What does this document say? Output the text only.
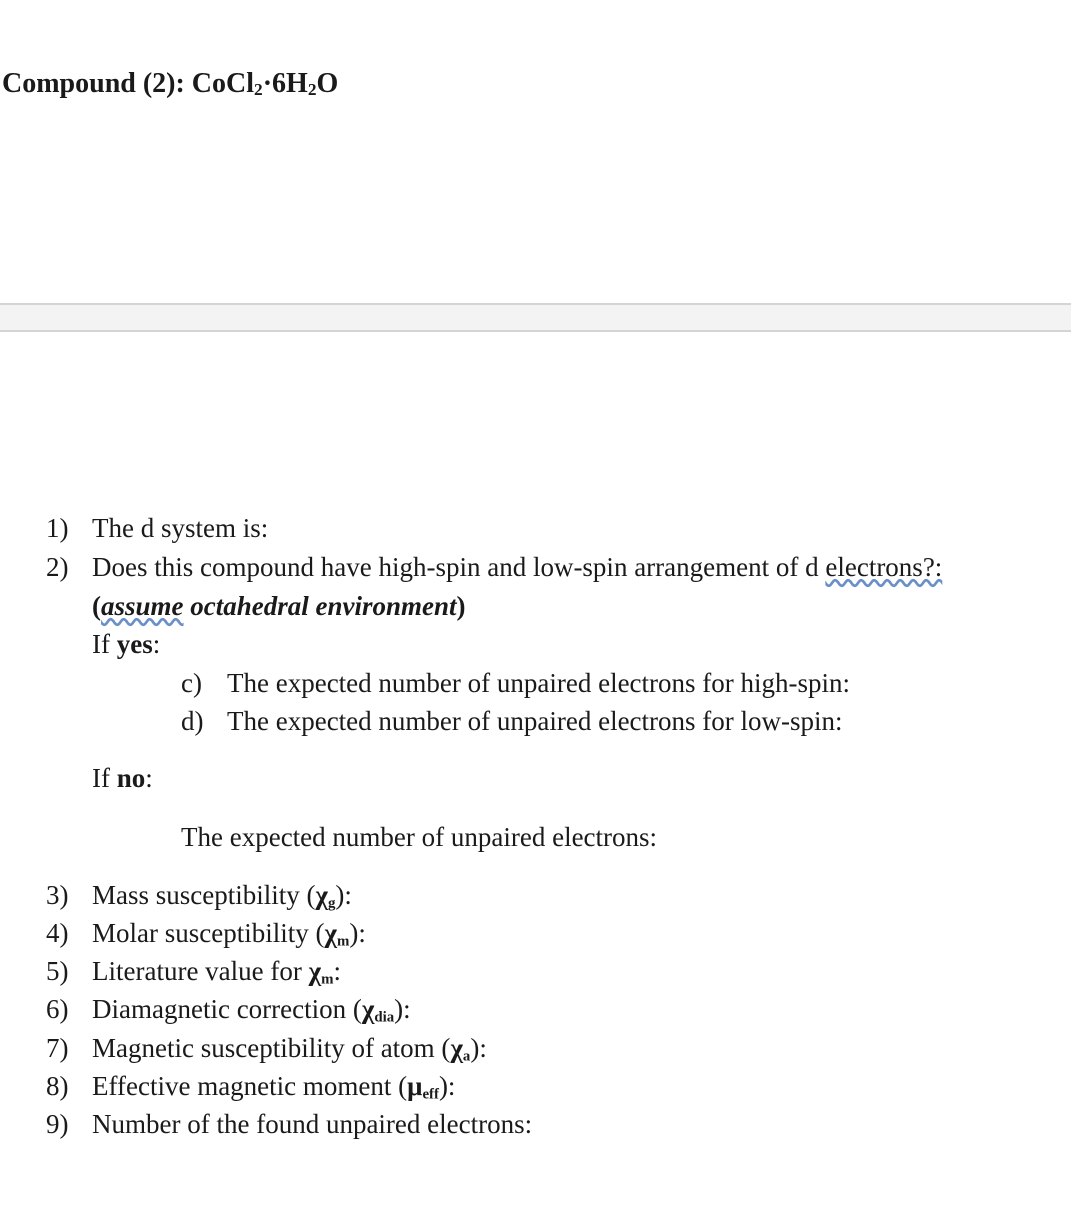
Compound (2): $CoCl_2\cdot 6H_2O$
1) The d system is:
2) Does this compound have high-spin and low-spin arrangement of d electrons?:
(assume octahedral environment)
If yes:
c) The expected number of unpaired electrons for high-spin:
d) The expected number of unpaired electrons for low-spin:
If no:
The expected number of unpaired electrons:
3) Mass susceptibility $(\chi_g)$:
4) Molar susceptibility $(\chi_m)$:
5) Literature value for $\chi_m$:
6) Diamagnetic correction $(\chi_{dia})$:
7) Magnetic susceptibility of atom $(\chi_a)$:
8) Effective magnetic moment $(\mu_{eff})$:
9) Number of the found unpaired electrons:
